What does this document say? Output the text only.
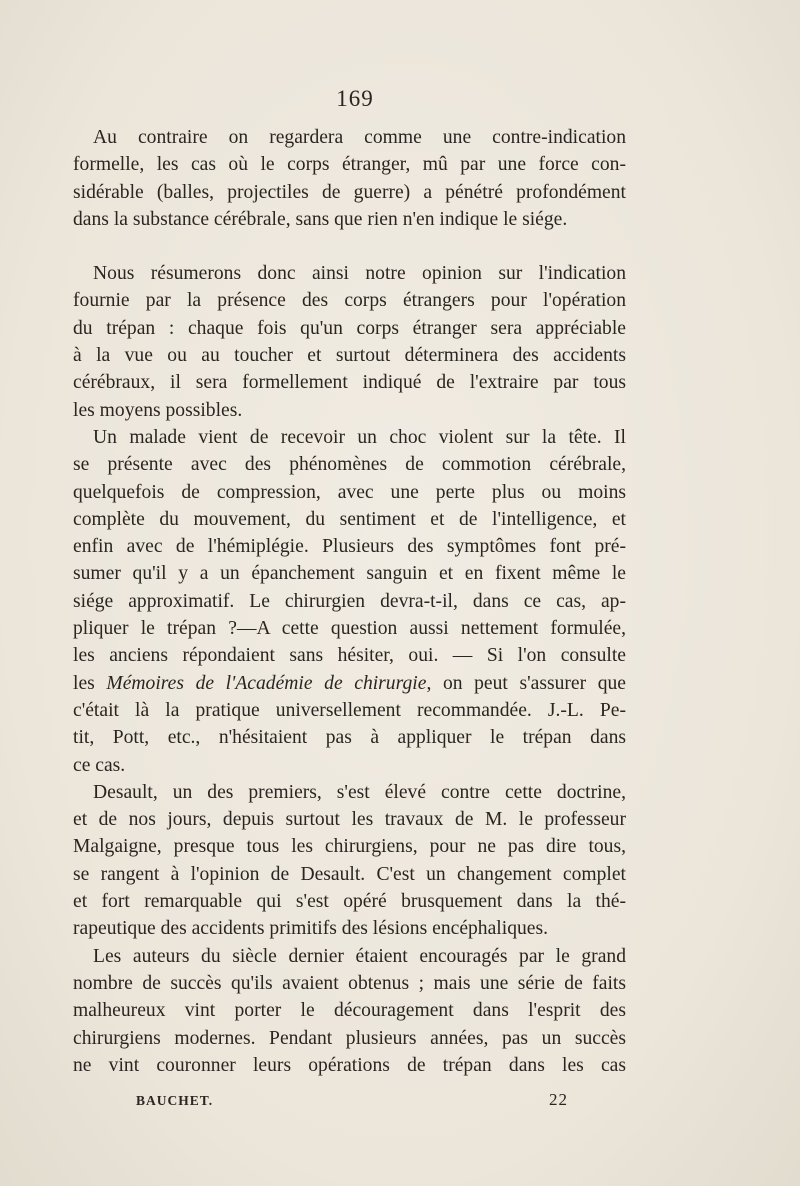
169

Au contraire on regardera comme une contre-indication
formelle, les cas où le corps étranger, mû par une force con-
sidérable (balles, projectiles de guerre) a pénétré profondément
dans la substance cérébrale, sans que rien n'en indique le siége.

Nous résumerons donc ainsi notre opinion sur l'indication
fournie par la présence des corps étrangers pour l'opération
du trépan : chaque fois qu'un corps étranger sera appréciable
à la vue ou au toucher et surtout déterminera des accidents
cérébraux, il sera formellement indiqué de l'extraire par tous
les moyens possibles.

Un malade vient de recevoir un choc violent sur la tête. Il
se présente avec des phénomènes de commotion cérébrale,
quelquefois de compression, avec une perte plus ou moins
complète du mouvement, du sentiment et de l'intelligence, et
enfin avec de l'hémiplégie. Plusieurs des symptômes font pré-
sumer qu'il y a un épanchement sanguin et en fixent même le
siége approximatif. Le chirurgien devra-t-il, dans ce cas, ap-
pliquer le trépan ?—A cette question aussi nettement formulée,
les anciens répondaient sans hésiter, oui. — Si l'on consulte
les Mémoires de l'Académie de chirurgie, on peut s'assurer que
c'était là la pratique universellement recommandée. J.-L. Pe-
tit, Pott, etc., n'hésitaient pas à appliquer le trépan dans
ce cas.

Desault, un des premiers, s'est élevé contre cette doctrine,
et de nos jours, depuis surtout les travaux de M. le professeur
Malgaigne, presque tous les chirurgiens, pour ne pas dire tous,
se rangent à l'opinion de Desault. C'est un changement complet
et fort remarquable qui s'est opéré brusquement dans la thé-
rapeutique des accidents primitifs des lésions encéphaliques.

Les auteurs du siècle dernier étaient encouragés par le grand
nombre de succès qu'ils avaient obtenus ; mais une série de faits
malheureux vint porter le découragement dans l'esprit des
chirurgiens modernes. Pendant plusieurs années, pas un succès
ne vint couronner leurs opérations de trépan dans les cas

BAUCHET.	22
